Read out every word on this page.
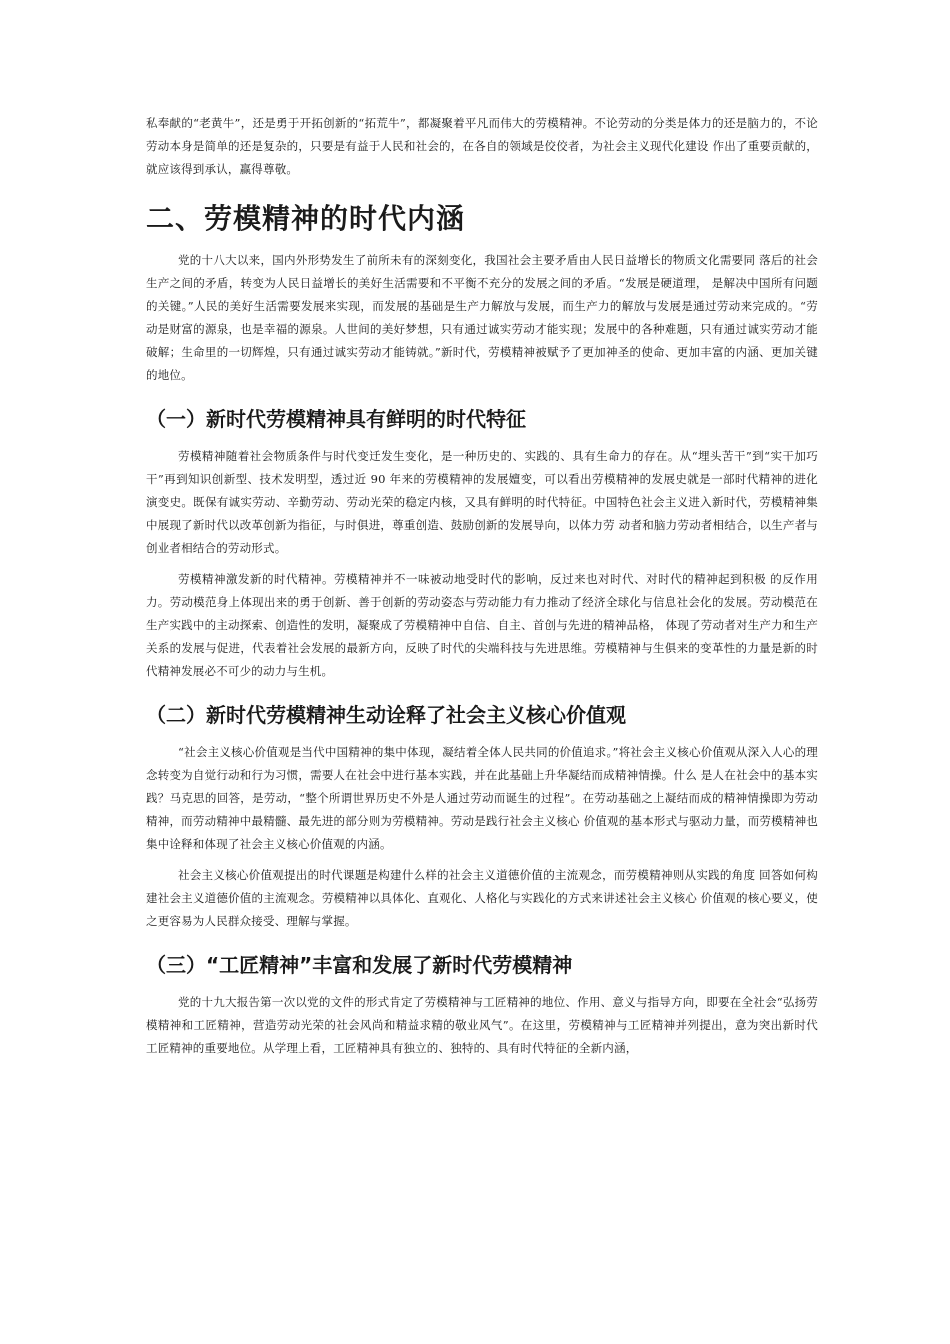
私奉献的“老黄牛”，还是勇于开拓创新的“拓荒牛”，都凝聚着平凡而伟大的劳模精神。不论劳动的分类是体力的还是脑力的，不论劳动本身是简单的还是复杂的，只要是有益于人民和社会的，在各自的领域是佼佼者，为社会主义现代化建设 作出了重要贡献的，就应该得到承认，赢得尊敬。

二、劳模精神的时代内涵

党的十八大以来，国内外形势发生了前所未有的深刻变化，我国社会主要矛盾由人民日益增长的物质文化需要同 落后的社会生产之间的矛盾，转变为人民日益增长的美好生活需要和不平衡不充分的发展之间的矛盾。“发展是硬道理， 是解决中国所有问题的关键。”人民的美好生活需要发展来实现，而发展的基础是生产力解放与发展，而生产力的解放与发展是通过劳动来完成的。“劳动是财富的源泉，也是幸福的源泉。人世间的美好梦想，只有通过诚实劳动才能实现；发展中的各种难题，只有通过诚实劳动才能破解；生命里的一切辉煌，只有通过诚实劳动才能铸就。”新时代，劳模精神被赋予了更加神圣的使命、更加丰富的内涵、更加关键的地位。

（一）新时代劳模精神具有鲜明的时代特征

劳模精神随着社会物质条件与时代变迁发生变化，是一种历史的、实践的、具有生命力的存在。从“埋头苦干”到“实干加巧干”再到知识创新型、技术发明型，透过近 90 年来的劳模精神的发展嬗变，可以看出劳模精神的发展史就是一部时代精神的进化演变史。既保有诚实劳动、辛勤劳动、劳动光荣的稳定内核，又具有鲜明的时代特征。中国特色社会主义进入新时代，劳模精神集中展现了新时代以改革创新为指征，与时俱进，尊重创造、鼓励创新的发展导向，以体力劳 动者和脑力劳动者相结合，以生产者与创业者相结合的劳动形式。

劳模精神激发新的时代精神。劳模精神并不一味被动地受时代的影响，反过来也对时代、对时代的精神起到积极 的反作用力。劳动模范身上体现出来的勇于创新、善于创新的劳动姿态与劳动能力有力推动了经济全球化与信息社会化的发展。劳动模范在生产实践中的主动探索、创造性的发明，凝聚成了劳模精神中自信、自主、首创与先进的精神品格， 体现了劳动者对生产力和生产关系的发展与促进，代表着社会发展的最新方向，反映了时代的尖端科技与先进思维。劳模精神与生俱来的变革性的力量是新的时代精神发展必不可少的动力与生机。

（二）新时代劳模精神生动诠释了社会主义核心价值观

“社会主义核心价值观是当代中国精神的集中体现，凝结着全体人民共同的价值追求。”将社会主义核心价值观从深入人心的理念转变为自觉行动和行为习惯，需要人在社会中进行基本实践，并在此基础上升华凝结而成精神情操。什么 是人在社会中的基本实践？马克思的回答，是劳动，“整个所谓世界历史不外是人通过劳动而诞生的过程”。在劳动基础之上凝结而成的精神情操即为劳动精神，而劳动精神中最精髓、最先进的部分则为劳模精神。劳动是践行社会主义核心 价值观的基本形式与驱动力量，而劳模精神也集中诠释和体现了社会主义核心价值观的内涵。

社会主义核心价值观提出的时代课题是构建什么样的社会主义道德价值的主流观念，而劳模精神则从实践的角度 回答如何构建社会主义道德价值的主流观念。劳模精神以具体化、直观化、人格化与实践化的方式来讲述社会主义核心 价值观的核心要义，使之更容易为人民群众接受、理解与掌握。

（三）“工匠精神”丰富和发展了新时代劳模精神

党的十九大报告第一次以党的文件的形式肯定了劳模精神与工匠精神的地位、作用、意义与指导方向，即要在全社会“弘扬劳模精神和工匠精神，营造劳动光荣的社会风尚和精益求精的敬业风气”。在这里，劳模精神与工匠精神并列提出，意为突出新时代工匠精神的重要地位。从学理上看，工匠精神具有独立的、独特的、具有时代特征的全新内涵，
